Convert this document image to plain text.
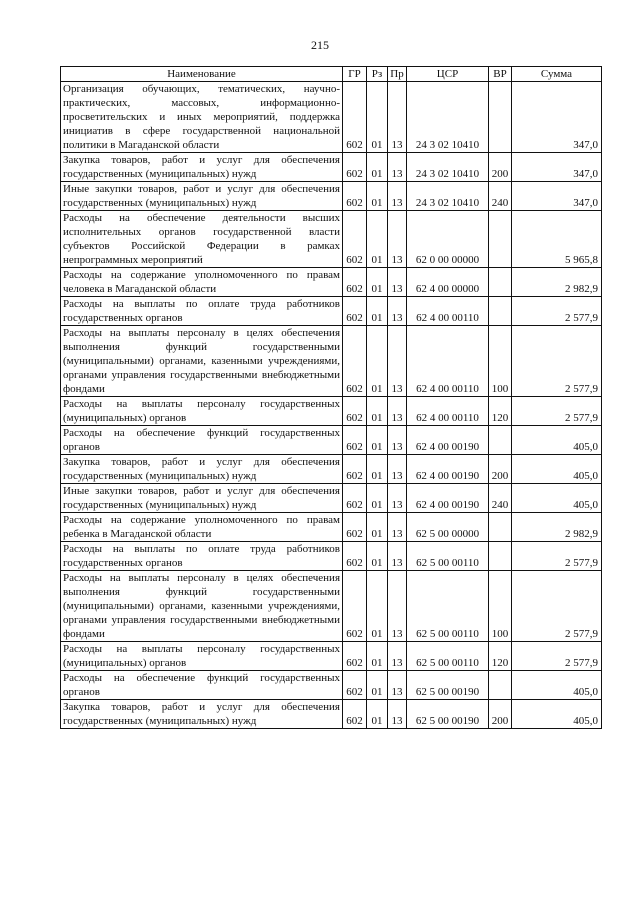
215
Наименование	ГР	Рз	Пр	ЦСР	ВР	Сумма
Организация обучающих, тематических, научно-практических, массовых, информационно-просветительских и иных мероприятий, поддержка инициатив в сфере государственной национальной политики в Магаданской области	602	01	13	24 3 02 10410		347,0
Закупка товаров, работ и услуг для обеспечения государственных (муниципальных) нужд	602	01	13	24 3 02 10410	200	347,0
Иные закупки товаров, работ и услуг для обеспечения государственных (муниципальных) нужд	602	01	13	24 3 02 10410	240	347,0
Расходы на обеспечение деятельности высших исполнительных органов государственной власти субъектов Российской Федерации в рамках непрограммных мероприятий	602	01	13	62 0 00 00000		5 965,8
Расходы на содержание уполномоченного по правам человека в Магаданской области	602	01	13	62 4 00 00000		2 982,9
Расходы на выплаты по оплате труда работников государственных органов	602	01	13	62 4 00 00110		2 577,9
Расходы на выплаты персоналу в целях обеспечения выполнения функций государственными (муниципальными) органами, казенными учреждениями, органами управления государственными внебюджетными фондами	602	01	13	62 4 00 00110	100	2 577,9
Расходы на выплаты персоналу государственных (муниципальных) органов	602	01	13	62 4 00 00110	120	2 577,9
Расходы на обеспечение функций государственных органов	602	01	13	62 4 00 00190		405,0
Закупка товаров, работ и услуг для обеспечения государственных (муниципальных) нужд	602	01	13	62 4 00 00190	200	405,0
Иные закупки товаров, работ и услуг для обеспечения государственных (муниципальных) нужд	602	01	13	62 4 00 00190	240	405,0
Расходы на содержание уполномоченного по правам ребенка в Магаданской области	602	01	13	62 5 00 00000		2 982,9
Расходы на выплаты по оплате труда работников государственных органов	602	01	13	62 5 00 00110		2 577,9
Расходы на выплаты персоналу в целях обеспечения выполнения функций государственными (муниципальными) органами, казенными учреждениями, органами управления государственными внебюджетными фондами	602	01	13	62 5 00 00110	100	2 577,9
Расходы на выплаты персоналу государственных (муниципальных) органов	602	01	13	62 5 00 00110	120	2 577,9
Расходы на обеспечение функций государственных органов	602	01	13	62 5 00 00190		405,0
Закупка товаров, работ и услуг для обеспечения государственных (муниципальных) нужд	602	01	13	62 5 00 00190	200	405,0
